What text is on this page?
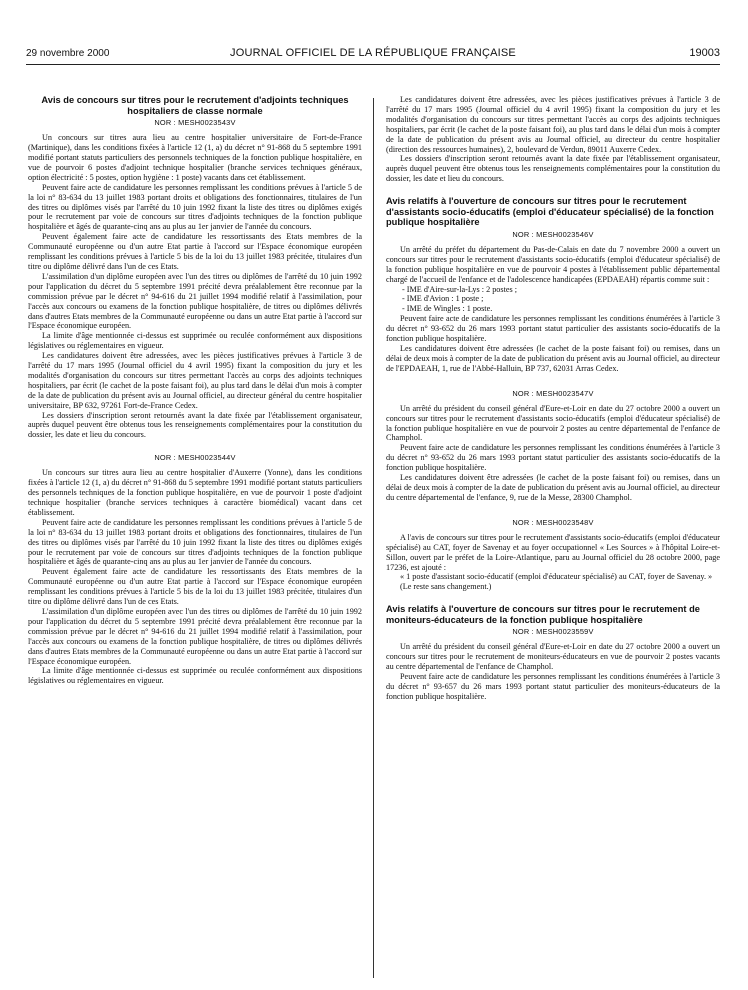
29 novembre 2000	JOURNAL OFFICIEL DE LA RÉPUBLIQUE FRANÇAISE	19003
Avis de concours sur titres pour le recrutement d'adjoints techniques hospitaliers de classe normale
NOR : MESH0023543V

Un concours sur titres aura lieu au centre hospitalier universitaire de Fort-de-France (Martinique), dans les conditions fixées à l'article 12 (1, a) du décret n° 91-868 du 5 septembre 1991 modifié portant statuts particuliers des personnels techniques de la fonction publique hospitalière, en vue de pourvoir 6 postes d'adjoint technique hospitalier (branche services techniques généraux, option électricité : 5 postes, option hygiène : 1 poste) vacants dans cet établissement.

Peuvent faire acte de candidature les personnes remplissant les conditions prévues à l'article 5 de la loi n° 83-634 du 13 juillet 1983 portant droits et obligations des fonctionnaires, titulaires de l'un des titres ou diplômes visés par l'arrêté du 10 juin 1992 fixant la liste des titres ou diplômes exigés pour le recrutement par voie de concours sur titres d'adjoints techniques de la fonction publique hospitalière et âgés de quarante-cinq ans au plus au 1er janvier de l'année du concours.

Peuvent également faire acte de candidature les ressortissants des Etats membres de la Communauté européenne ou d'un autre Etat partie à l'accord sur l'Espace économique européen remplissant les conditions prévues à l'article 5 bis de la loi du 13 juillet 1983 précitée, titulaires d'un titre ou diplôme délivré dans l'un de ces Etats.

L'assimilation d'un diplôme européen avec l'un des titres ou diplômes de l'arrêté du 10 juin 1992 pour l'application du décret du 5 septembre 1991 précité devra préalablement être reconnue par la commission prévue par le décret n° 94-616 du 21 juillet 1994 modifié relatif à l'assimilation, pour l'accès aux concours ou examens de la fonction publique hospitalière, de titres ou diplômes délivrés dans d'autres Etats membres de la Communauté européenne ou dans un autre Etat partie à l'accord sur l'Espace économique européen.

La limite d'âge mentionnée ci-dessus est supprimée ou reculée conformément aux dispositions législatives ou réglementaires en vigueur.

Les candidatures doivent être adressées, avec les pièces justificatives prévues à l'article 3 de l'arrêté du 17 mars 1995 (Journal officiel du 4 avril 1995) fixant la composition du jury et les modalités d'organisation du concours sur titres permettant l'accès au corps des adjoints techniques hospitaliers, par écrit (le cachet de la poste faisant foi), au plus tard dans le délai d'un mois à compter de la date de publication du présent avis au Journal officiel, au directeur général du centre hospitalier universitaire, BP 632, 97261 Fort-de-France Cedex.

Les dossiers d'inscription seront retournés avant la date fixée par l'établissement organisateur, auprès duquel peuvent être obtenus tous les renseignements complémentaires pour la constitution du dossier, les date et lieu du concours.

NOR : MESH0023544V

Un concours sur titres aura lieu au centre hospitalier d'Auxerre (Yonne), dans les conditions fixées à l'article 12 (1, a) du décret n° 91-868 du 5 septembre 1991 modifié portant statuts particuliers des personnels techniques de la fonction publique hospitalière, en vue de pourvoir 1 poste d'adjoint technique hospitalier (branche services techniques à caractère biomédical) vacant dans cet établissement.

Peuvent faire acte de candidature les personnes remplissant les conditions prévues à l'article 5 de la loi n° 83-634 du 13 juillet 1983 portant droits et obligations des fonctionnaires, titulaires de l'un des titres ou diplômes visés par l'arrêté du 10 juin 1992 fixant la liste des titres ou diplômes exigés pour le recrutement par voie de concours sur titres d'adjoints techniques de la fonction publique hospitalière et âgés de quarante-cinq ans au plus au 1er janvier de l'année du concours.

Peuvent également faire acte de candidature les ressortissants des Etats membres de la Communauté européenne ou d'un autre Etat partie à l'accord sur l'Espace économique européen remplissant les conditions prévues à l'article 5 bis de la loi du 13 juillet 1983 précitée, titulaires d'un titre ou diplôme délivré dans l'un de ces Etats.

L'assimilation d'un diplôme européen avec l'un des titres ou diplômes de l'arrêté du 10 juin 1992 pour l'application du décret du 5 septembre 1991 précité devra préalablement être reconnue par la commission prévue par le décret n° 94-616 du 21 juillet 1994 modifié relatif à l'assimilation, pour l'accès aux concours ou examens de la fonction publique hospitalière, de titres ou diplômes délivrés dans d'autres Etats membres de la Communauté européenne ou dans un autre Etat partie à l'accord sur l'Espace économique européen.

La limite d'âge mentionnée ci-dessus est supprimée ou reculée conformément aux dispositions législatives ou réglementaires en vigueur.

Les candidatures doivent être adressées, avec les pièces justificatives prévues à l'article 3 de l'arrêté du 17 mars 1995 (Journal officiel du 4 avril 1995) fixant la composition du jury et les modalités d'organisation du concours sur titres permettant l'accès au corps des adjoints techniques hospitaliers, par écrit (le cachet de la poste faisant foi), au plus tard dans le délai d'un mois à compter de la date de publication du présent avis au Journal officiel, au directeur du centre hospitalier (direction des ressources humaines), 2, boulevard de Verdun, 89011 Auxerre Cedex.

Les dossiers d'inscription seront retournés avant la date fixée par l'établissement organisateur, auprès duquel peuvent être obtenus tous les renseignements complémentaires pour la constitution du dossier, les date et lieu du concours.

Avis relatifs à l'ouverture de concours sur titres pour le recrutement d'assistants socio-éducatifs (emploi d'éducateur spécialisé) de la fonction publique hospitalière
NOR : MESH0023546V

Un arrêté du préfet du département du Pas-de-Calais en date du 7 novembre 2000 a ouvert un concours sur titres pour le recrutement d'assistants socio-éducatifs (emploi d'éducateur spécialisé) de la fonction publique hospitalière en vue de pourvoir 4 postes à l'établissement public départemental chargé de l'accueil de l'enfance et de l'adolescence handicapées (EPDAEAH) répartis comme suit :

- IME d'Aire-sur-la-Lys : 2 postes ;

- IME d'Avion : 1 poste ;

- IME de Wingles : 1 poste.

Peuvent faire acte de candidature les personnes remplissant les conditions énumérées à l'article 3 du décret n° 93-652 du 26 mars 1993 portant statut particulier des assistants socio-éducatifs de la fonction publique hospitalière.

Les candidatures doivent être adressées (le cachet de la poste faisant foi) ou remises, dans un délai de deux mois à compter de la date de publication du présent avis au Journal officiel, au directeur de l'EPDAEAH, 1, rue de l'Abbé-Halluin, BP 737, 62031 Arras Cedex.

NOR : MESH0023547V

Un arrêté du président du conseil général d'Eure-et-Loir en date du 27 octobre 2000 a ouvert un concours sur titres pour le recrutement d'assistants socio-éducatifs (emploi d'éducateur spécialisé) de la fonction publique hospitalière en vue de pourvoir 2 postes au centre départemental de l'enfance de Champhol.

Peuvent faire acte de candidature les personnes remplissant les conditions énumérées à l'article 3 du décret n° 93-652 du 26 mars 1993 portant statut particulier des assistants socio-éducatifs de la fonction publique hospitalière.

Les candidatures doivent être adressées (le cachet de la poste faisant foi) ou remises, dans un délai de deux mois à compter de la date de publication du présent avis au Journal officiel, au directeur du centre départemental de l'enfance, 9, rue de la Messe, 28300 Champhol.

NOR : MESH0023548V

A l'avis de concours sur titres pour le recrutement d'assistants socio-éducatifs (emploi d'éducateur spécialisé) au CAT, foyer de Savenay et au foyer occupationnel « Les Sources » à l'hôpital Loire-et-Sillon, ouvert par le préfet de la Loire-Atlantique, paru au Journal officiel du 28 octobre 2000, page 17236, est ajouté :

« 1 poste d'assistant socio-éducatif (emploi d'éducateur spécialisé) au CAT, foyer de Savenay. »

(Le reste sans changement.)

Avis relatifs à l'ouverture de concours sur titres pour le recrutement de moniteurs-éducateurs de la fonction publique hospitalière
NOR : MESH0023559V

Un arrêté du président du conseil général d'Eure-et-Loir en date du 27 octobre 2000 a ouvert un concours sur titres pour le recrutement de moniteurs-éducateurs en vue de pourvoir 2 postes vacants au centre départemental de l'enfance de Champhol.

Peuvent faire acte de candidature les personnes remplissant les conditions énumérées à l'article 3 du décret n° 93-657 du 26 mars 1993 portant statut particulier des moniteurs-éducateurs de la fonction publique hospitalière.
